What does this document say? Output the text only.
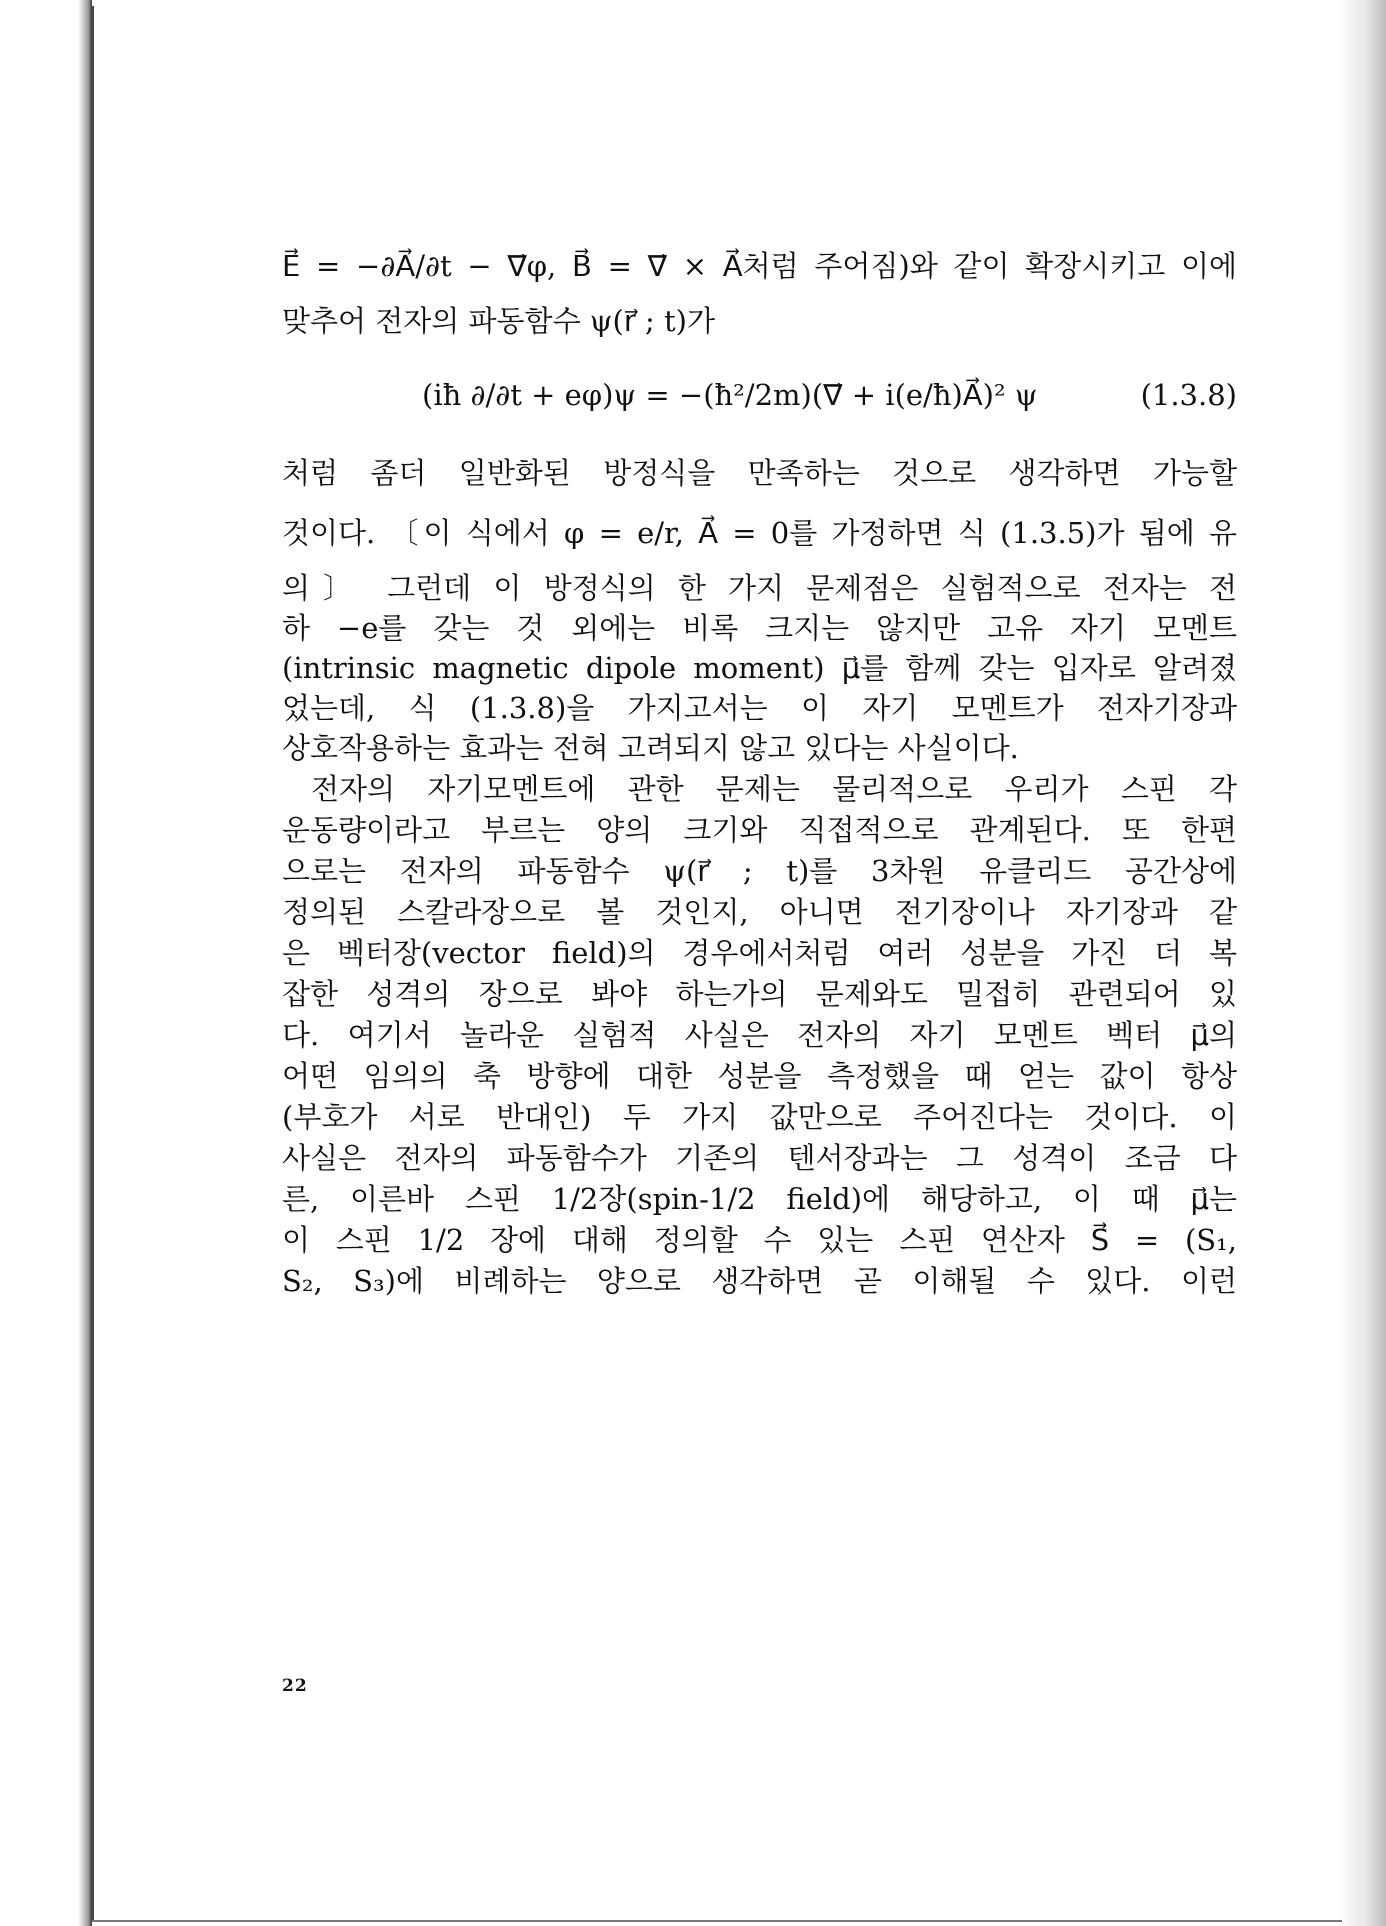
E⃗ = −∂A⃗/∂t − ∇⃗φ, B⃗ = ∇⃗ × A⃗처럼 주어짐)와 같이 확장시키고 이에
맞추어 전자의 파동함수 ψ(r⃗ ; t)가
(iħ ∂/∂t + eφ)ψ = −(ħ²/2m)(∇⃗ + i(e/ħ)A⃗)² ψ	(1.3.8)
처럼 좀더 일반화된 방정식을 만족하는 것으로 생각하면 가능할
것이다. 〔이 식에서 φ = e/r, A⃗ = 0를 가정하면 식 (1.3.5)가 됨에 유
의〕 그런데 이 방정식의 한 가지 문제점은 실험적으로 전자는 전
하 −e를 갖는 것 외에는 비록 크지는 않지만 고유 자기 모멘트
(intrinsic magnetic dipole moment) μ⃗를 함께 갖는 입자로 알려졌
었는데, 식 (1.3.8)을 가지고서는 이 자기 모멘트가 전자기장과
상호작용하는 효과는 전혀 고려되지 않고 있다는 사실이다.
전자의 자기모멘트에 관한 문제는 물리적으로 우리가 스핀 각
운동량이라고 부르는 양의 크기와 직접적으로 관계된다. 또 한편
으로는 전자의 파동함수 ψ(r⃗ ; t)를 3차원 유클리드 공간상에
정의된 스칼라장으로 볼 것인지, 아니면 전기장이나 자기장과 같
은 벡터장(vector field)의 경우에서처럼 여러 성분을 가진 더 복
잡한 성격의 장으로 봐야 하는가의 문제와도 밀접히 관련되어 있
다. 여기서 놀라운 실험적 사실은 전자의 자기 모멘트 벡터 μ⃗의
어떤 임의의 축 방향에 대한 성분을 측정했을 때 얻는 값이 항상
(부호가 서로 반대인) 두 가지 값만으로 주어진다는 것이다. 이
사실은 전자의 파동함수가 기존의 텐서장과는 그 성격이 조금 다
른, 이른바 스핀 1/2장(spin-1/2 field)에 해당하고, 이 때 μ⃗는
이 스핀 1/2 장에 대해 정의할 수 있는 스핀 연산자 S⃗ = (S₁,
S₂, S₃)에 비례하는 양으로 생각하면 곧 이해될 수 있다. 이런
22
